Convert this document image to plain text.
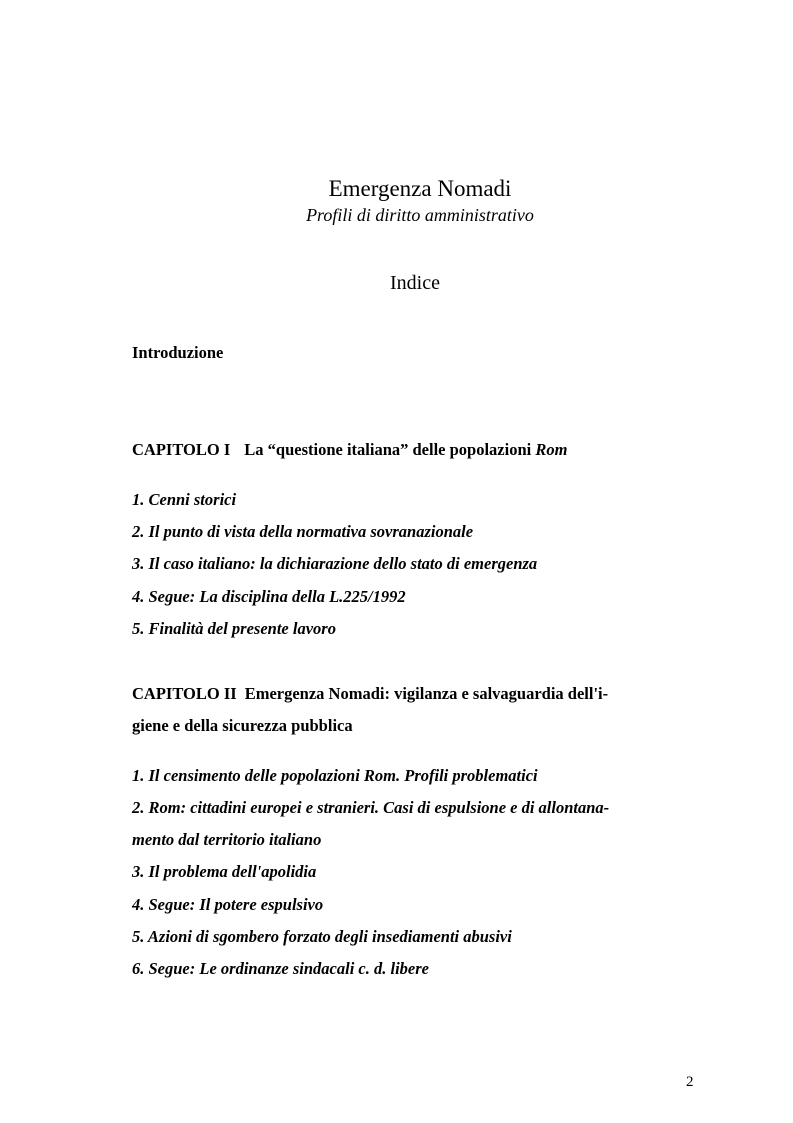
Emergenza Nomadi
Profili di diritto amministrativo
Indice
Introduzione
CAPITOLO I La “questione italiana” delle popolazioni Rom
1. Cenni storici
2. Il punto di vista della normativa sovranazionale
3. Il caso italiano: la dichiarazione dello stato di emergenza
4. Segue: La disciplina della L.225/1992
5. Finalità del presente lavoro
CAPITOLO II Emergenza Nomadi: vigilanza e salvaguardia dell'i-
giene e della sicurezza pubblica
1. Il censimento delle popolazioni Rom. Profili problematici
2. Rom: cittadini europei e stranieri. Casi di espulsione e di allontana-
mento dal territorio italiano
3. Il problema dell'apolidia
4. Segue: Il potere espulsivo
5. Azioni di sgombero forzato degli insediamenti abusivi
6. Segue: Le ordinanze sindacali c. d. libere
2
